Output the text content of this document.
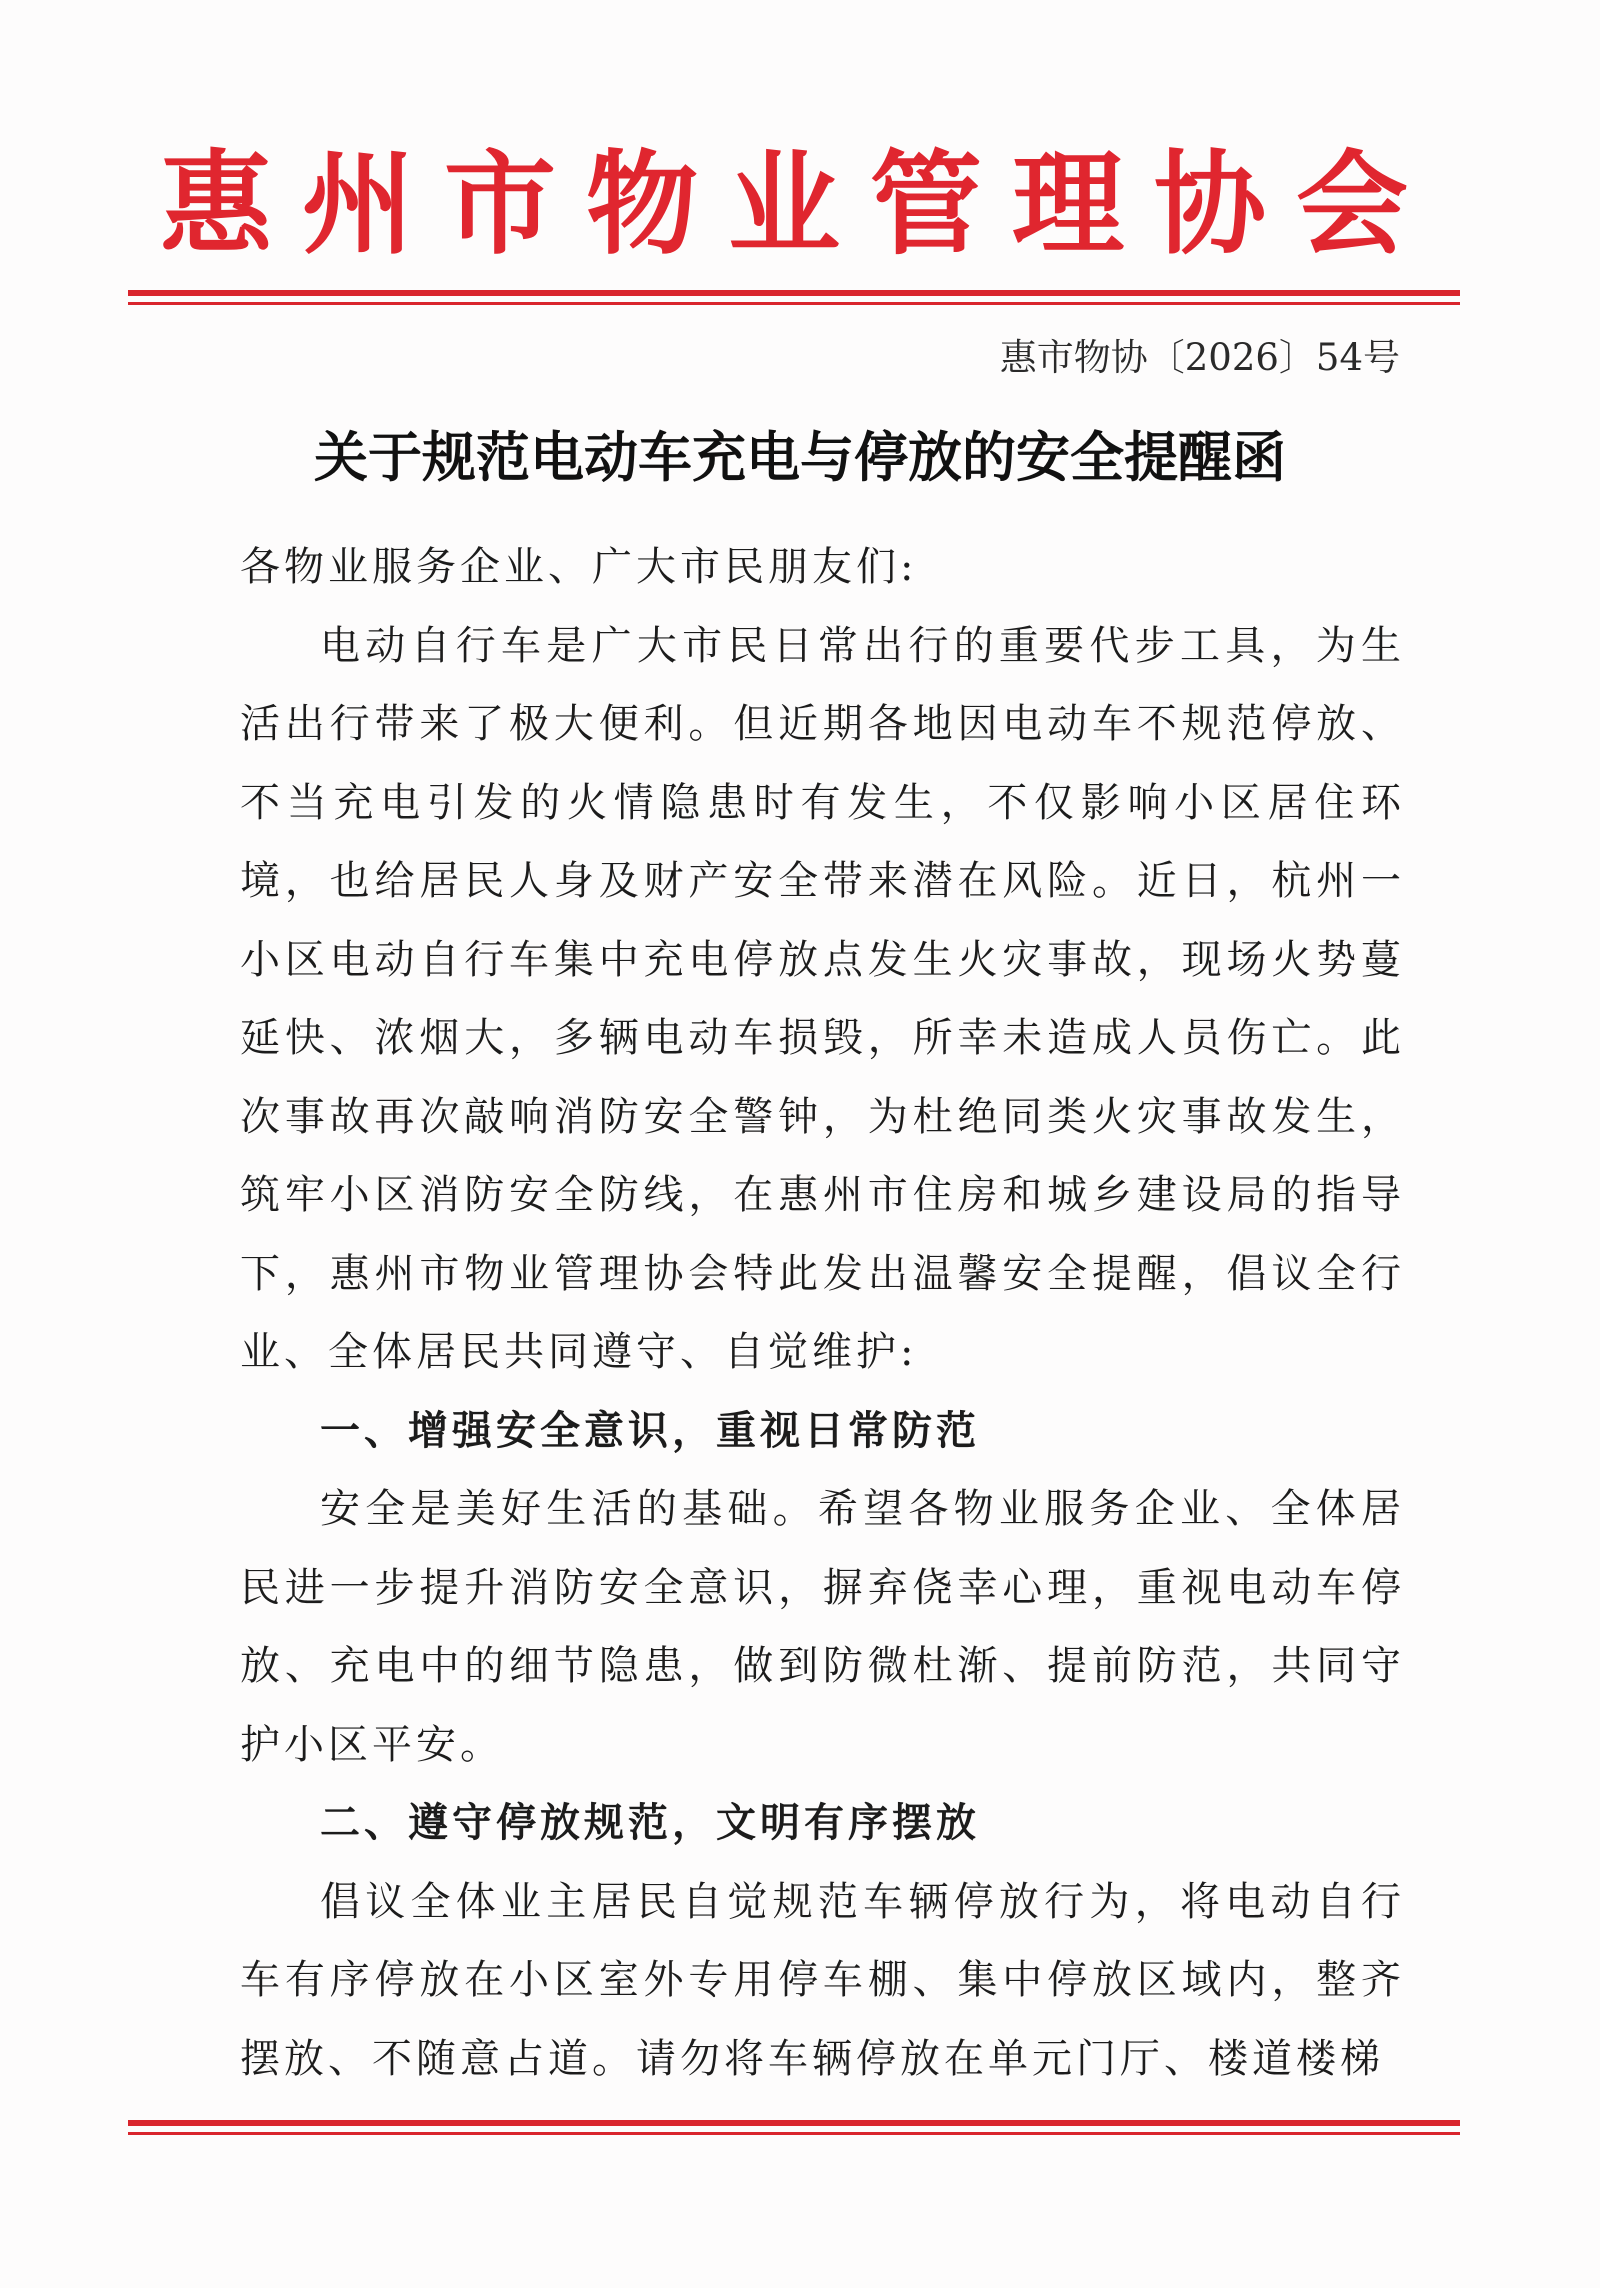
惠州市物业管理协会
惠市物协〔2026〕54号
关于规范电动车充电与停放的安全提醒函

各物业服务企业、广大市民朋友们:

电动自行车是广大市民日常出行的重要代步工具，为生活出行带来了极大便利。但近期各地因电动车不规范停放、不当充电引发的火情隐患时有发生，不仅影响小区居住环境，也给居民人身及财产安全带来潜在风险。近日，杭州一小区电动自行车集中充电停放点发生火灾事故，现场火势蔓延快、浓烟大，多辆电动车损毁，所幸未造成人员伤亡。此次事故再次敲响消防安全警钟，为杜绝同类火灾事故发生，筑牢小区消防安全防线，在惠州市住房和城乡建设局的指导下，惠州市物业管理协会特此发出温馨安全提醒，倡议全行业、全体居民共同遵守、自觉维护:

一、增强安全意识，重视日常防范

安全是美好生活的基础。希望各物业服务企业、全体居民进一步提升消防安全意识，摒弃侥幸心理，重视电动车停放、充电中的细节隐患，做到防微杜渐、提前防范，共同守护小区平安。

二、遵守停放规范，文明有序摆放

倡议全体业主居民自觉规范车辆停放行为，将电动自行车有序停放在小区室外专用停车棚、集中停放区域内，整齐摆放、不随意占道。请勿将车辆停放在单元门厅、楼道楼梯
